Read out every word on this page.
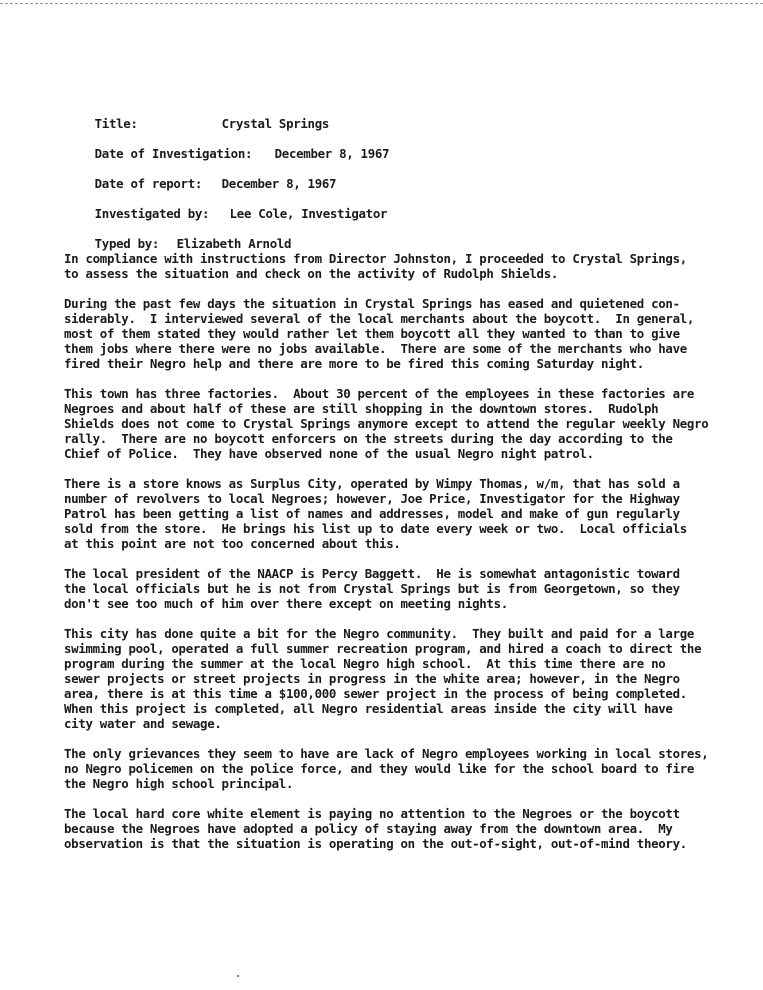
Title:	Crystal Springs

Date of Investigation: December 8, 1967

Date of report: December 8, 1967

Investigated by: Lee Cole, Investigator

Typed by: Elizabeth Arnold

In compliance with instructions from Director Johnston, I proceeded to Crystal Springs,
to assess the situation and check on the activity of Rudolph Shields.

During the past few days the situation in Crystal Springs has eased and quietened con-
siderably.  I interviewed several of the local merchants about the boycott.  In general,
most of them stated they would rather let them boycott all they wanted to than to give
them jobs where there were no jobs available.  There are some of the merchants who have
fired their Negro help and there are more to be fired this coming Saturday night.

This town has three factories.  About 30 percent of the employees in these factories are
Negroes and about half of these are still shopping in the downtown stores.  Rudolph
Shields does not come to Crystal Springs anymore except to attend the regular weekly Negro
rally.  There are no boycott enforcers on the streets during the day according to the
Chief of Police.  They have observed none of the usual Negro night patrol.

There is a store knows as Surplus City, operated by Wimpy Thomas, w/m, that has sold a
number of revolvers to local Negroes; however, Joe Price, Investigator for the Highway
Patrol has been getting a list of names and addresses, model and make of gun regularly
sold from the store.  He brings his list up to date every week or two.  Local officials
at this point are not too concerned about this.

The local president of the NAACP is Percy Baggett.  He is somewhat antagonistic toward
the local officials but he is not from Crystal Springs but is from Georgetown, so they
don't see too much of him over there except on meeting nights.

This city has done quite a bit for the Negro community.  They built and paid for a large
swimming pool, operated a full summer recreation program, and hired a coach to direct the
program during the summer at the local Negro high school.  At this time there are no
sewer projects or street projects in progress in the white area; however, in the Negro
area, there is at this time a $100,000 sewer project in the process of being completed.
When this project is completed, all Negro residential areas inside the city will have
city water and sewage.

The only grievances they seem to have are lack of Negro employees working in local stores,
no Negro policemen on the police force, and they would like for the school board to fire
the Negro high school principal.

The local hard core white element is paying no attention to the Negroes or the boycott
because the Negroes have adopted a policy of staying away from the downtown area.  My
observation is that the situation is operating on the out-of-sight, out-of-mind theory.
